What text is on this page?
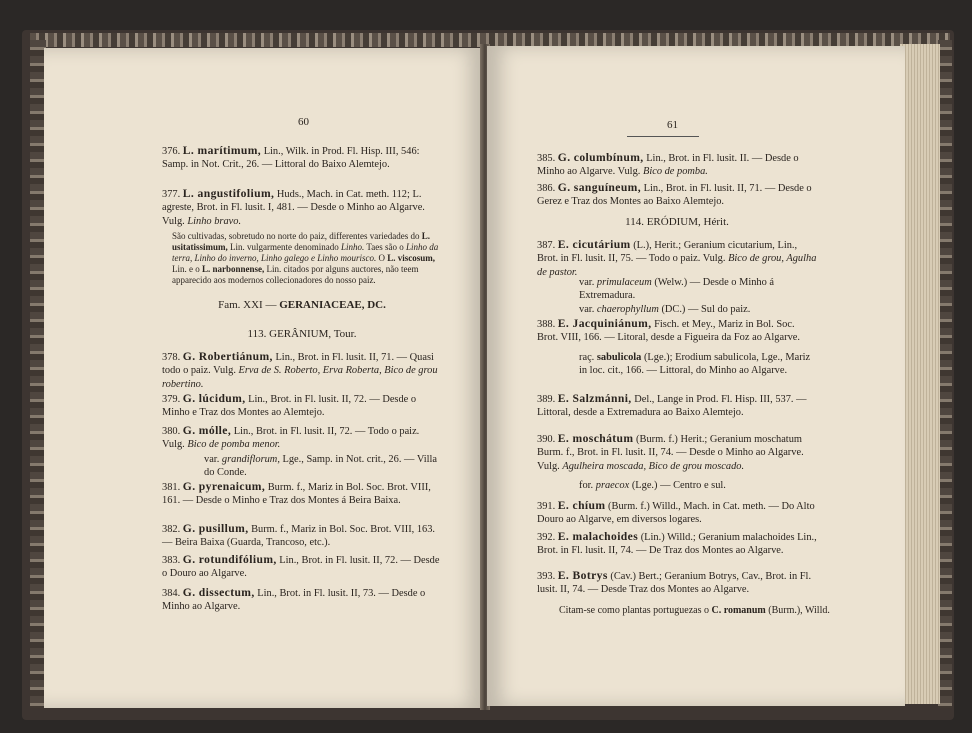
60
376. L. marítimum, Lin., Wilk. in Prod. Fl. Hisp. III, 546: Samp. in Not. Crit., 26. — Littoral do Baixo Alemtejo.
377. L. angustifolium, Huds., Mach. in Cat. meth. 112; L. agreste, Brot. in Fl. lusit. I, 481. — Desde o Minho ao Algarve. Vulg. Linho bravo.
São cultivadas, sobretudo no norte do paiz, differentes variedades do L. usitatissimum, Lin. vulgarmente denominado Linho. Taes são o Linho da terra, Linho do inverno, Linho galego e Linho mourisco. O L. viscosum, Lin. e o L. narbonnense, Lin. citados por alguns auctores, não teem apparecido aos modernos collecionadores do nosso paiz.
Fam. XXI — GERANIACEAE, DC.
113. GERÂNIUM, Tour.
378. G. Robertiánum, Lin., Brot. in Fl. lusit. II, 71. — Quasi todo o paiz. Vulg. Erva de S. Roberto, Erva Roberta, Bico de grou robertino.
379. G. lúcidum, Lin., Brot. in Fl. lusit. II, 72. — Desde o Minho e Traz dos Montes ao Alemtejo.
380. G. mólle, Lin., Brot. in Fl. lusit. II, 72. — Todo o paiz. Vulg. Bico de pomba menor.
var. grandiflorum, Lge., Samp. in Not. crit., 26. — Villa do Conde.
381. G. pyrenaicum, Burm. f., Mariz in Bol. Soc. Brot. VIII, 161. — Desde o Minho e Traz dos Montes á Beira Baixa.
382. G. pusillum, Burm. f., Mariz in Bol. Soc. Brot. VIII, 163. — Beira Baixa (Guarda, Trancoso, etc.).
383. G. rotundifólium, Lin., Brot. in Fl. lusit. II, 72. — Desde o Douro ao Algarve.
384. G. dissectum, Lin., Brot. in Fl. lusit. II, 73. — Desde o Minho ao Algarve.
61
385. G. columbínum, Lin., Brot. in Fl. lusit. II. — Desde o Minho ao Algarve. Vulg. Bico de pomba.
386. G. sanguíneum, Lin., Brot. in Fl. lusit. II, 71. — Desde o Gerez e Traz dos Montes ao Baixo Alemtejo.
114. ERÓDIUM, Hérit.
387. E. cicutárium (L.), Herit.; Geranium cicutarium, Lin., Brot. in Fl. lusit. II, 75. — Todo o paiz. Vulg. Bico de grou, Agulha de pastor.
var. primulaceum (Welw.) — Desde o Minho á Extremadura.
var. chaerophyllum (DC.) — Sul do paiz.
388. E. Jacquiniánum, Fisch. et Mey., Mariz in Bol. Soc. Brot. VIII, 166. — Litoral, desde a Figueira da Foz ao Algarve.
raç. sabulicola (Lge.); Erodium sabulicola, Lge., Mariz in loc. cit., 166. — Littoral, do Minho ao Algarve.
389. E. Salzmánni, Del., Lange in Prod. Fl. Hisp. III, 537. — Littoral, desde a Extremadura ao Baixo Alemtejo.
390. E. moschátum (Burm. f.) Herit.; Geranium moschatum Burm. f., Brot. in Fl. lusit. II, 74. — Desde o Minho ao Algarve. Vulg. Agulheira moscada, Bico de grou moscado.
for. praecox (Lge.) — Centro e sul.
391. E. chíum (Burm. f.) Willd., Mach. in Cat. meth. — Do Alto Douro ao Algarve, em diversos logares.
392. E. malachoides (Lin.) Willd.; Geranium malachoides Lin., Brot. in Fl. lusit. II, 74. — De Traz dos Montes ao Algarve.
393. E. Botrys (Cav.) Bert.; Geranium Botrys, Cav., Brot. in Fl. lusit. II, 74. — Desde Traz dos Montes ao Algarve.
Citam-se como plantas portuguezas o C. romanum (Burm.), Willd.
